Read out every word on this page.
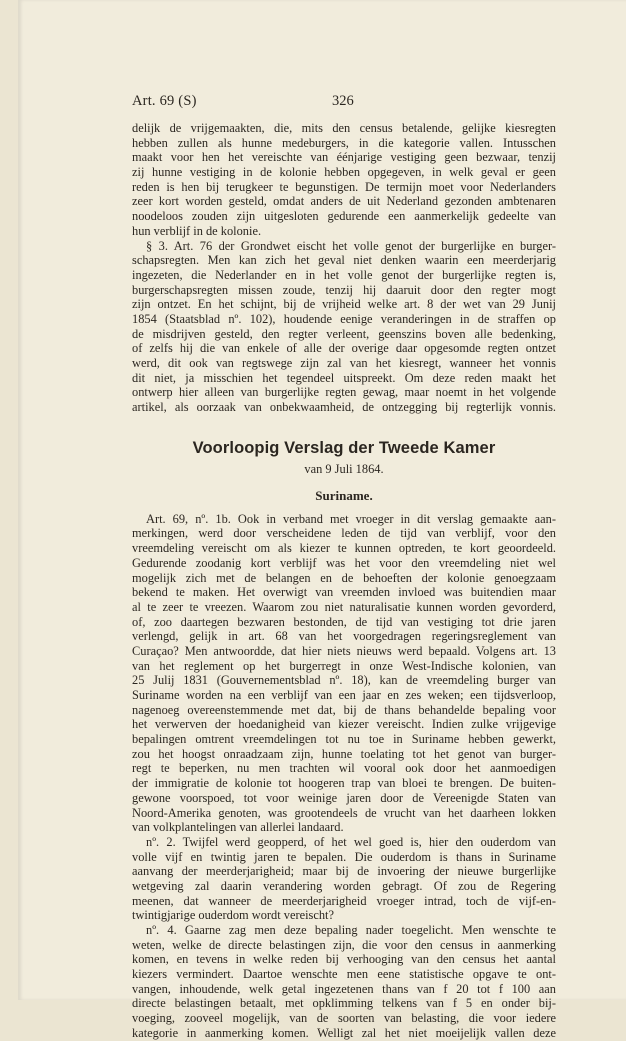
Art. 69 (S)	326
delijk de vrijgemaakten, die, mits den census betalende, gelijke kiesregten
hebben zullen als hunne medeburgers, in die kategorie vallen. Intusschen
maakt voor hen het vereischte van éénjarige vestiging geen bezwaar, tenzij
zij hunne vestiging in de kolonie hebben opgegeven, in welk geval er geen
reden is hen bij terugkeer te begunstigen. De termijn moet voor Nederlanders
zeer kort worden gesteld, omdat anders de uit Nederland gezonden ambtenaren
noodeloos zouden zijn uitgesloten gedurende een aanmerkelijk gedeelte van
hun verblijf in de kolonie.
§ 3. Art. 76 der Grondwet eischt het volle genot der burgerlijke en burger-
schapsregten. Men kan zich het geval niet denken waarin een meerderjarig
ingezeten, die Nederlander en in het volle genot der burgerlijke regten is,
burgerschapsregten missen zoude, tenzij hij daaruit door den regter mogt
zijn ontzet. En het schijnt, bij de vrijheid welke art. 8 der wet van 29 Junij
1854 (Staatsblad nº. 102), houdende eenige veranderingen in de straffen op
de misdrijven gesteld, den regter verleent, geenszins boven alle bedenking,
of zelfs hij die van enkele of alle der overige daar opgesomde regten ontzet
werd, dit ook van regtswege zijn zal van het kiesregt, wanneer het vonnis
dit niet, ja misschien het tegendeel uitspreekt. Om deze reden maakt het
ontwerp hier alleen van burgerlijke regten gewag, maar noemt in het volgende
artikel, als oorzaak van onbekwaamheid, de ontzegging bij regterlijk vonnis.
Voorloopig Verslag der Tweede Kamer
van 9 Juli 1864.
Suriname.
Art. 69, nº. 1b. Ook in verband met vroeger in dit verslag gemaakte aan-
merkingen, werd door verscheidene leden de tijd van verblijf, voor den
vreemdeling vereischt om als kiezer te kunnen optreden, te kort geoordeeld.
Gedurende zoodanig kort verblijf was het voor den vreemdeling niet wel
mogelijk zich met de belangen en de behoeften der kolonie genoegzaam
bekend te maken. Het overwigt van vreemden invloed was buitendien maar
al te zeer te vreezen. Waarom zou niet naturalisatie kunnen worden gevorderd,
of, zoo daartegen bezwaren bestonden, de tijd van vestiging tot drie jaren
verlengd, gelijk in art. 68 van het voorgedragen regeringsreglement van
Curaçao? Men antwoordde, dat hier niets nieuws werd bepaald. Volgens art. 13
van het reglement op het burgerregt in onze West-Indische kolonien, van
25 Julij 1831 (Gouvernementsblad nº. 18), kan de vreemdeling burger van
Suriname worden na een verblijf van een jaar en zes weken; een tijdsverloop,
nagenoeg overeenstemmende met dat, bij de thans behandelde bepaling voor
het verwerven der hoedanigheid van kiezer vereischt. Indien zulke vrijgevige
bepalingen omtrent vreemdelingen tot nu toe in Suriname hebben gewerkt,
zou het hoogst onraadzaam zijn, hunne toelating tot het genot van burger-
regt te beperken, nu men trachten wil vooral ook door het aanmoedigen
der immigratie de kolonie tot hoogeren trap van bloei te brengen. De buiten-
gewone voorspoed, tot voor weinige jaren door de Vereenigde Staten van
Noord-Amerika genoten, was grootendeels de vrucht van het daarheen lokken
van volkplantelingen van allerlei landaard.
nº. 2. Twijfel werd geopperd, of het wel goed is, hier den ouderdom van
volle vijf en twintig jaren te bepalen. Die ouderdom is thans in Suriname
aanvang der meerderjarigheid; maar bij de invoering der nieuwe burgerlijke
wetgeving zal daarin verandering worden gebragt. Of zou de Regering
meenen, dat wanneer de meerderjarigheid vroeger intrad, toch de vijf-en-
twintigjarige ouderdom wordt vereischt?
nº. 4. Gaarne zag men deze bepaling nader toegelicht. Men wenschte te
weten, welke de directe belastingen zijn, die voor den census in aanmerking
komen, en tevens in welke reden bij verhooging van den census het aantal
kiezers vermindert. Daartoe wenschte men eene statistische opgave te ont-
vangen, inhoudende, welk getal ingezetenen thans van f 20 tot f 100 aan
directe belastingen betaalt, met opklimming telkens van f 5 en onder bij-
voeging, zooveel mogelijk, van de soorten van belasting, die voor iedere
kategorie in aanmerking komen. Welligt zal het niet moeijelijk vallen deze
